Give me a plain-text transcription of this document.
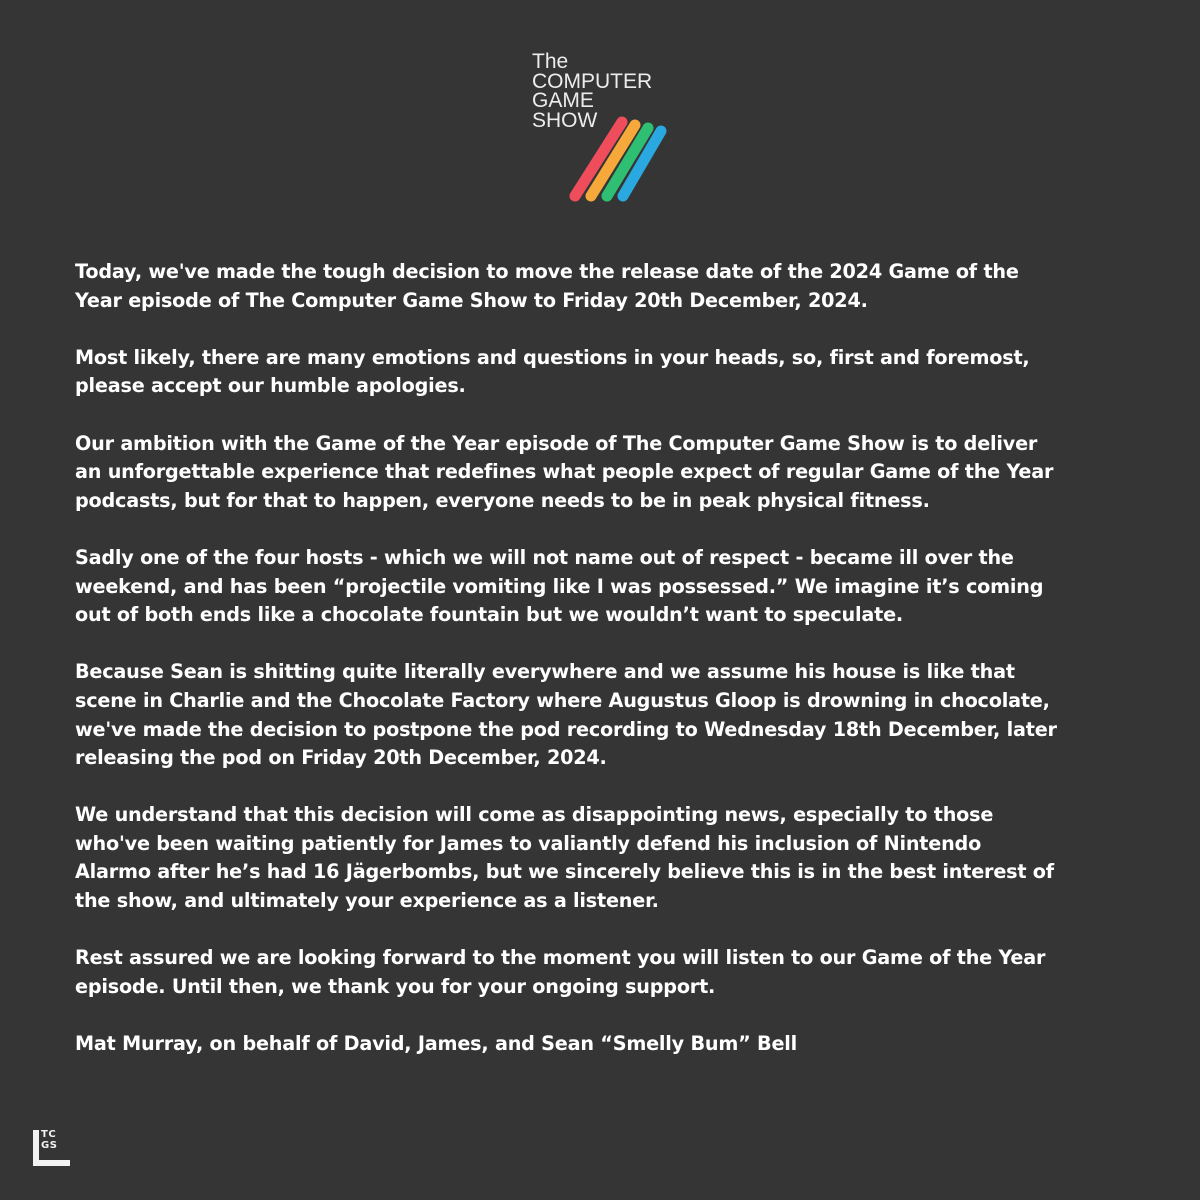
The
COMPUTER
GAME
SHOW

Today, we've made the tough decision to move the release date of the 2024 Game of the
Year episode of The Computer Game Show to Friday 20th December, 2024.

Most likely, there are many emotions and questions in your heads, so, first and foremost,
please accept our humble apologies.

Our ambition with the Game of the Year episode of The Computer Game Show is to deliver
an unforgettable experience that redefines what people expect of regular Game of the Year
podcasts, but for that to happen, everyone needs to be in peak physical fitness.

Sadly one of the four hosts - which we will not name out of respect - became ill over the
weekend, and has been “projectile vomiting like I was possessed.” We imagine it’s coming
out of both ends like a chocolate fountain but we wouldn’t want to speculate.

Because Sean is shitting quite literally everywhere and we assume his house is like that
scene in Charlie and the Chocolate Factory where Augustus Gloop is drowning in chocolate,
we've made the decision to postpone the pod recording to Wednesday 18th December, later
releasing the pod on Friday 20th December, 2024.

We understand that this decision will come as disappointing news, especially to those
who've been waiting patiently for James to valiantly defend his inclusion of Nintendo
Alarmo after he’s had 16 Jägerbombs, but we sincerely believe this is in the best interest of
the show, and ultimately your experience as a listener.

Rest assured we are looking forward to the moment you will listen to our Game of the Year
episode. Until then, we thank you for your ongoing support.

Mat Murray, on behalf of David, James, and Sean “Smelly Bum” Bell

TC
GS
